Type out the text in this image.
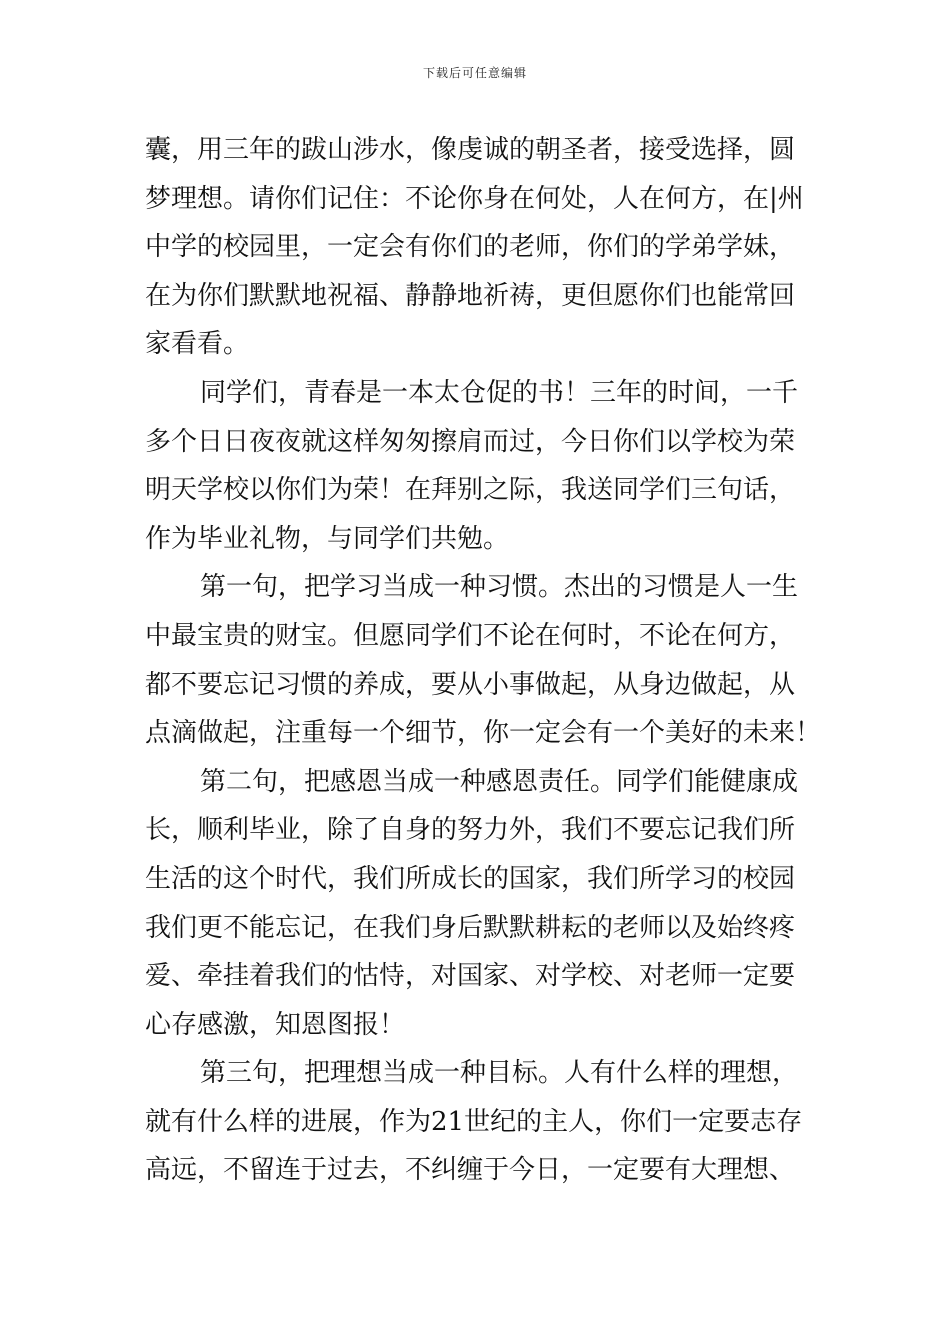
下载后可任意编辑
囊，用三年的跋山涉水，像虔诚的朝圣者，接受选择，圆
梦理想。请你们记住：不论你身在何处，人在何方，在|州
中学的校园里，一定会有你们的老师，你们的学弟学妹，
在为你们默默地祝福、静静地祈祷，更但愿你们也能常回
家看看。
同学们，青春是一本太仓促的书！三年的时间，一千
多个日日夜夜就这样匆匆擦肩而过，今日你们以学校为荣
明天学校以你们为荣！在拜别之际，我送同学们三句话，
作为毕业礼物，与同学们共勉。
第一句，把学习当成一种习惯。杰出的习惯是人一生
中最宝贵的财宝。但愿同学们不论在何时，不论在何方，
都不要忘记习惯的养成，要从小事做起，从身边做起，从
点滴做起，注重每一个细节，你一定会有一个美好的未来！
第二句，把感恩当成一种感恩责任。同学们能健康成
长，顺利毕业，除了自身的努力外，我们不要忘记我们所
生活的这个时代，我们所成长的国家，我们所学习的校园
我们更不能忘记，在我们身后默默耕耘的老师以及始终疼
爱、牵挂着我们的怙恃，对国家、对学校、对老师一定要
心存感激，知恩图报！
第三句，把理想当成一种目标。人有什么样的理想，
就有什么样的进展，作为21世纪的主人，你们一定要志存
高远，不留连于过去，不纠缠于今日，一定要有大理想、
